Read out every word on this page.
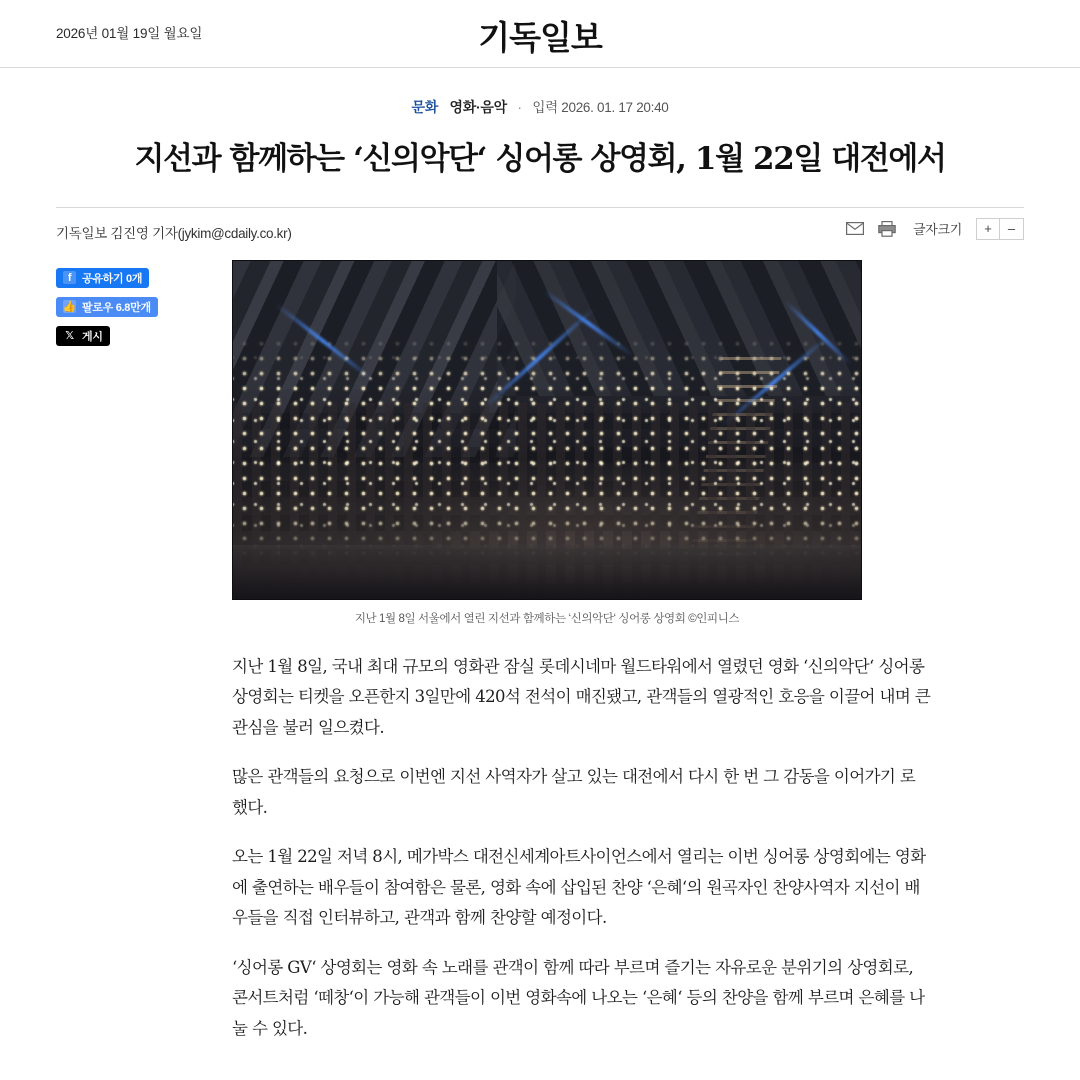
2026년 01월 19일 월요일	기독일보
문화 영화·음악 · 입력 2026. 01. 17 20:40
지선과 함께하는 ‘신의악단‘ 싱어롱 상영회, 1월 22일 대전에서
기독일보 김진영 기자(jykim@cdaily.co.kr)	글자크기	+	–
f 공유하기 0개
👍 팔로우 6.8만개
𝕏 게시
지난 1월 8일 서울에서 열린 지선과 함께하는 ‘신의악단‘ 싱어롱 상영회 ©인피니스

지난 1월 8일, 국내 최대 규모의 영화관 잠실 롯데시네마 월드타워에서 열렸던 영화 ‘신의악단‘ 싱어롱 상영회는 티켓을 오픈한지 3일만에 420석 전석이 매진됐고, 관객들의 열광적인 호응을 이끌어 내며 큰 관심을 불러 일으켰다.

많은 관객들의 요청으로 이번엔 지선 사역자가 살고 있는 대전에서 다시 한 번 그 감동을 이어가기 로 했다.

오는 1월 22일 저녁 8시, 메가박스 대전신세계아트사이언스에서 열리는 이번 싱어롱 상영회에는 영화에 출연하는 배우들이 참여함은 물론, 영화 속에 삽입된 찬양 ‘은혜‘의 원곡자인 찬양사역자 지선이 배우들을 직접 인터뷰하고, 관객과 함께 찬양할 예정이다.

‘싱어롱 GV‘ 상영회는 영화 속 노래를 관객이 함께 따라 부르며 즐기는 자유로운 분위기의 상영회로, 콘서트처럼 ‘떼창‘이 가능해 관객들이 이번 영화속에 나오는 ‘은혜‘ 등의 찬양을 함께 부르며 은혜를 나눌 수 있다.
